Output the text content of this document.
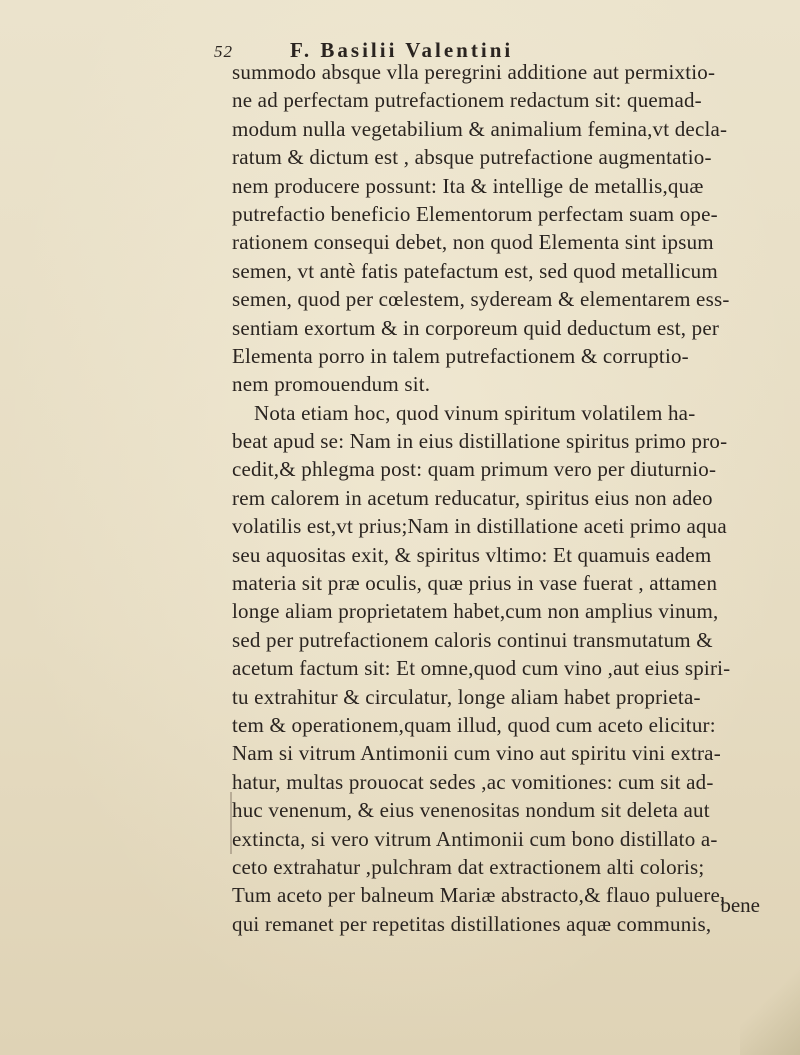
52	F. Basilii Valentini
summodo absque vlla peregrini additione aut permixtio-
ne ad perfectam putrefactionem redactum sit: quemad-
modum nulla vegetabilium & animalium femina,vt decla-
ratum & dictum est , absque putrefactione augmentatio-
nem producere possunt: Ita & intellige de metallis,quæ
putrefactio beneficio Elementorum perfectam suam ope-
rationem consequi debet, non quod Elementa sint ipsum
semen, vt antè fatis patefactum est, sed quod metallicum
semen, quod per cœlestem, sydeream & elementarem ess-
sentiam exortum & in corporeum quid deductum est, per
Elementa porro in talem putrefactionem & corruptio-
nem promouendum sit.
Nota etiam hoc, quod vinum spiritum volatilem ha-
beat apud se: Nam in eius distillatione spiritus primo pro-
cedit,& phlegma post: quam primum vero per diuturnio-
rem calorem in acetum reducatur, spiritus eius non adeo
volatilis est,vt prius;Nam in distillatione aceti primo aqua
seu aquositas exit, & spiritus vltimo: Et quamuis eadem
materia sit præ oculis, quæ prius in vase fuerat , attamen
longe aliam proprietatem habet,cum non amplius vinum,
sed per putrefactionem caloris continui transmutatum &
acetum factum sit: Et omne,quod cum vino ,aut eius spiri-
tu extrahitur & circulatur, longe aliam habet proprieta-
tem & operationem,quam illud, quod cum aceto elicitur:
Nam si vitrum Antimonii cum vino aut spiritu vini extra-
hatur, multas prouocat sedes ,ac vomitiones: cum sit ad-
huc venenum, & eius venenositas nondum sit deleta aut
extincta, si vero vitrum Antimonii cum bono distillato a-
ceto extrahatur ,pulchram dat extractionem alti coloris;
Tum aceto per balneum Mariæ abstracto,& flauo puluere,
qui remanet per repetitas distillationes aquæ communis,
bene
